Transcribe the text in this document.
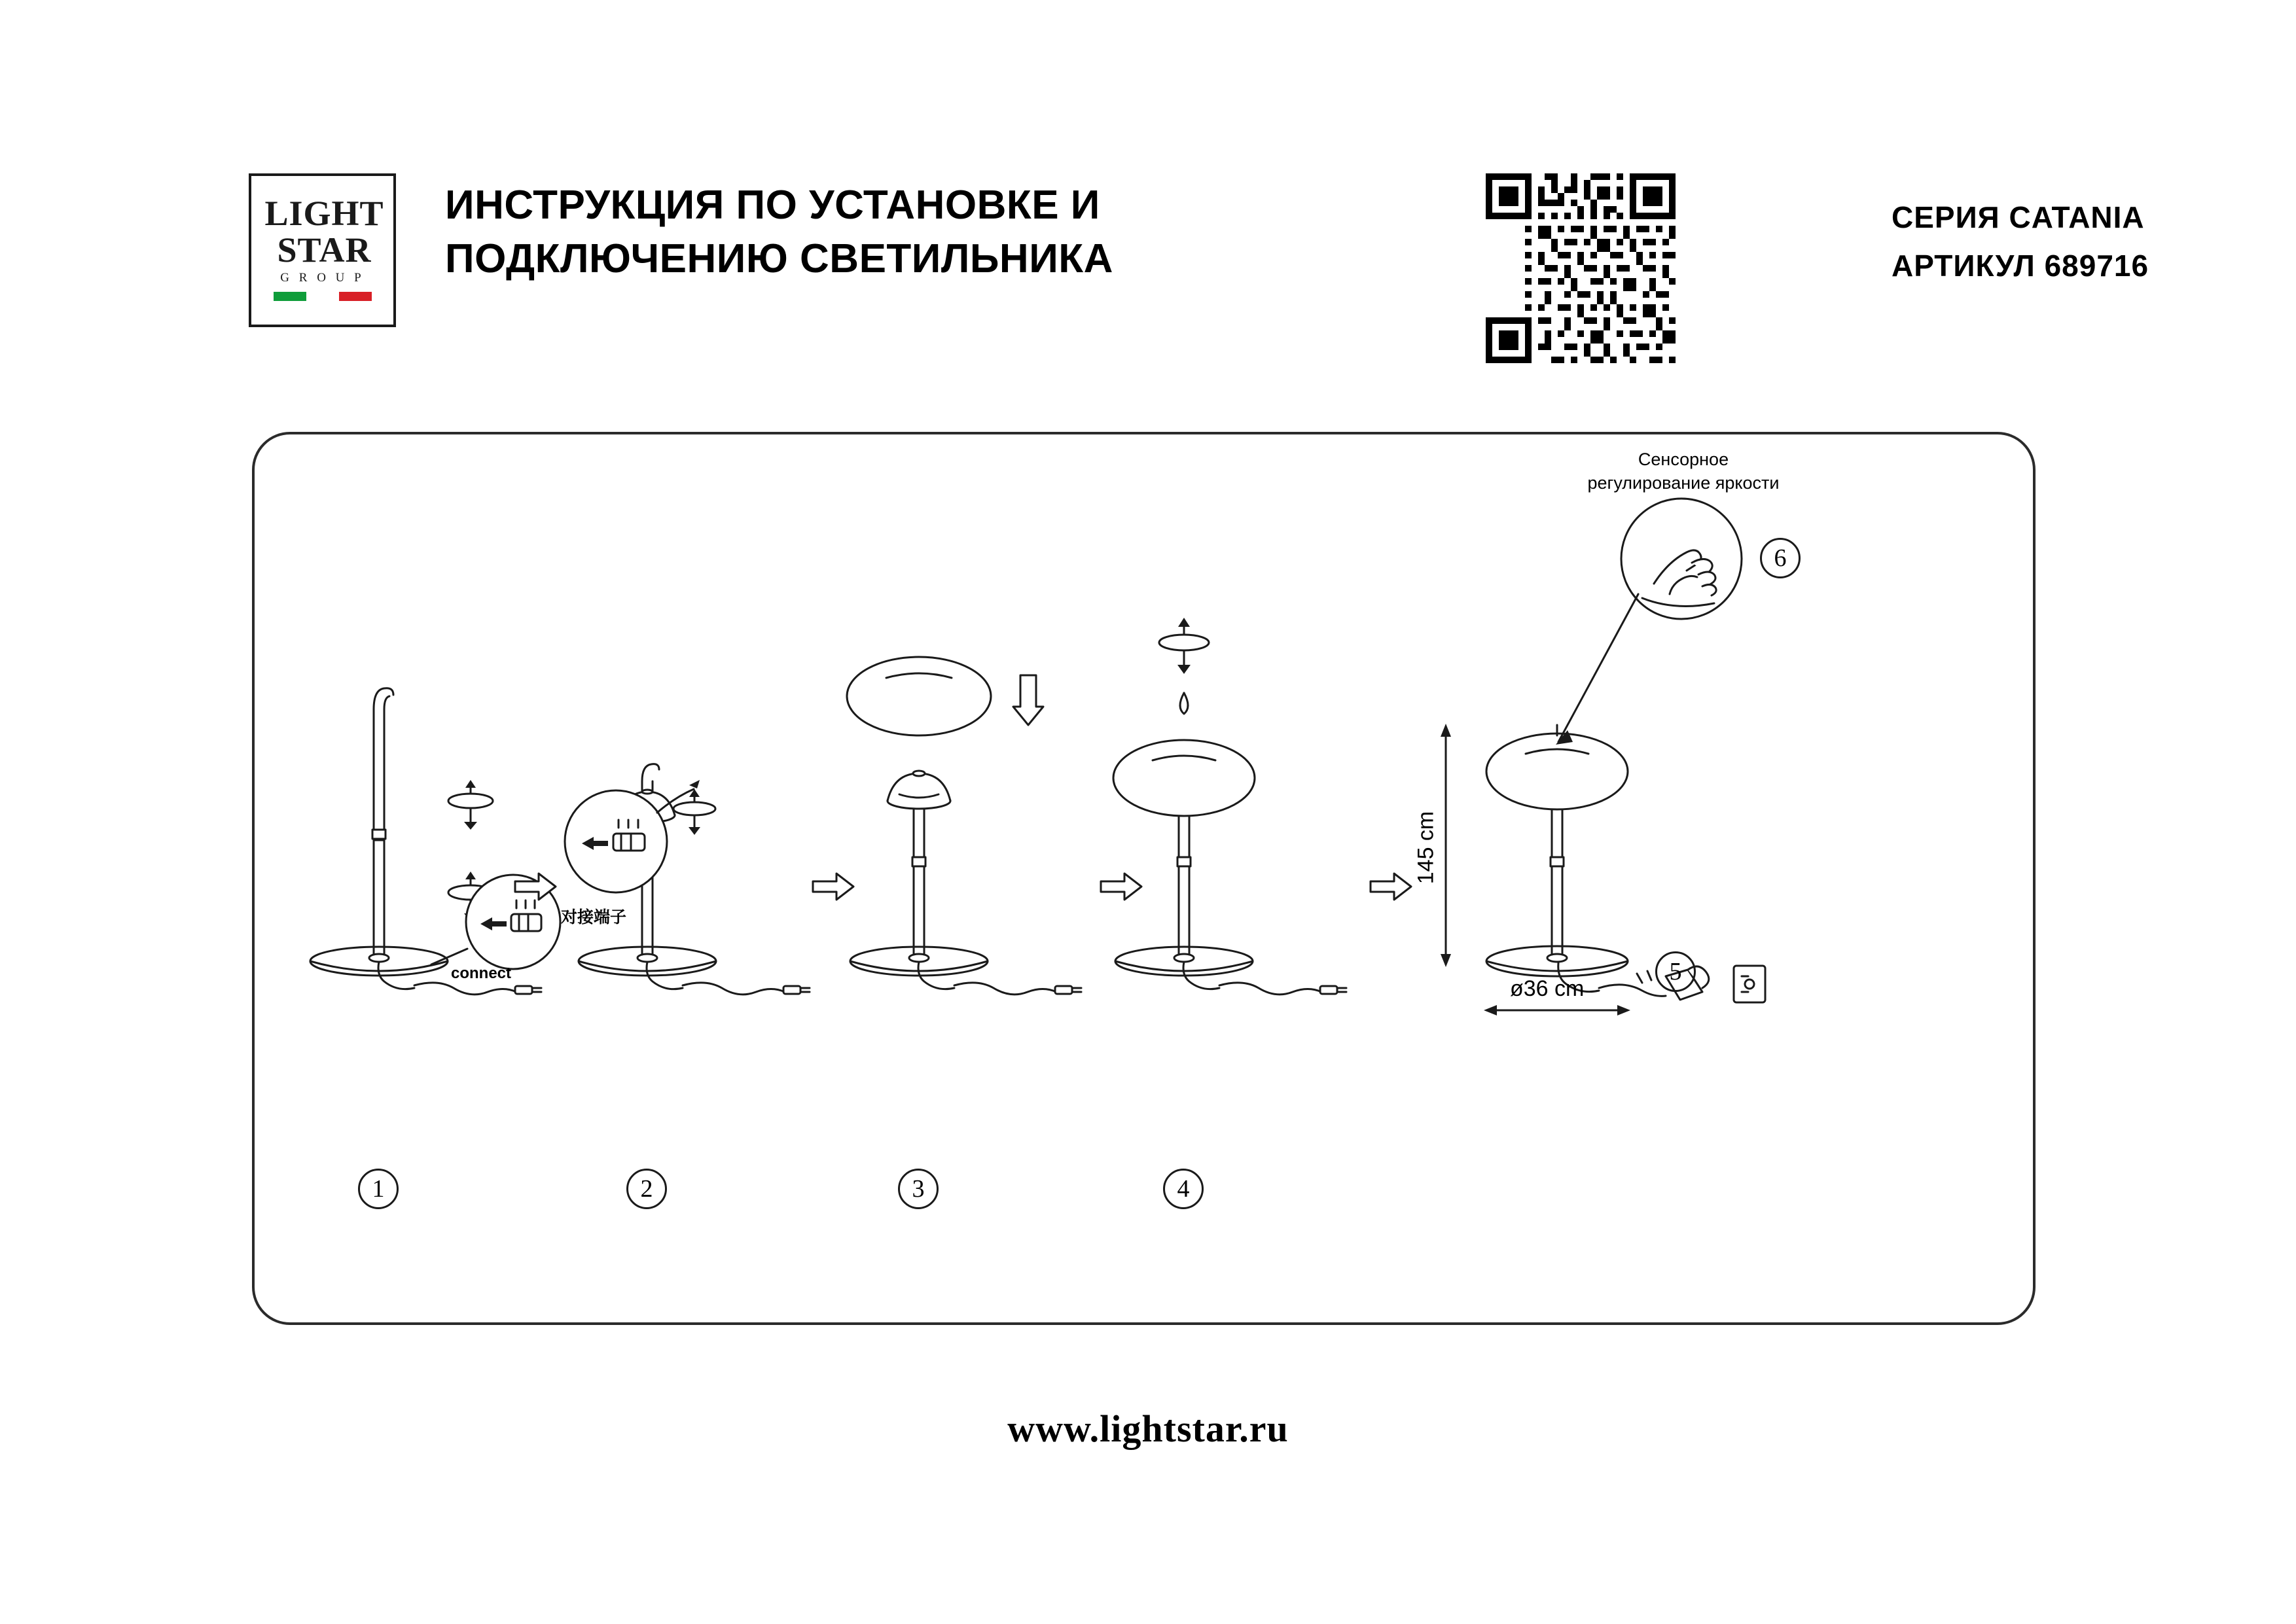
LIGHT
STAR
G R O U P
ИНСТРУКЦИЯ ПО УСТАНОВКЕ И
ПОДКЛЮЧЕНИЮ СВЕТИЛЬНИКА
СЕРИЯ CATANIA
АРТИКУЛ 689716
1	2	3	4
5
6
connect
对接端子
Сенсорное
регулирование яркости
145 cm
ø36 cm
www.lightstar.ru
